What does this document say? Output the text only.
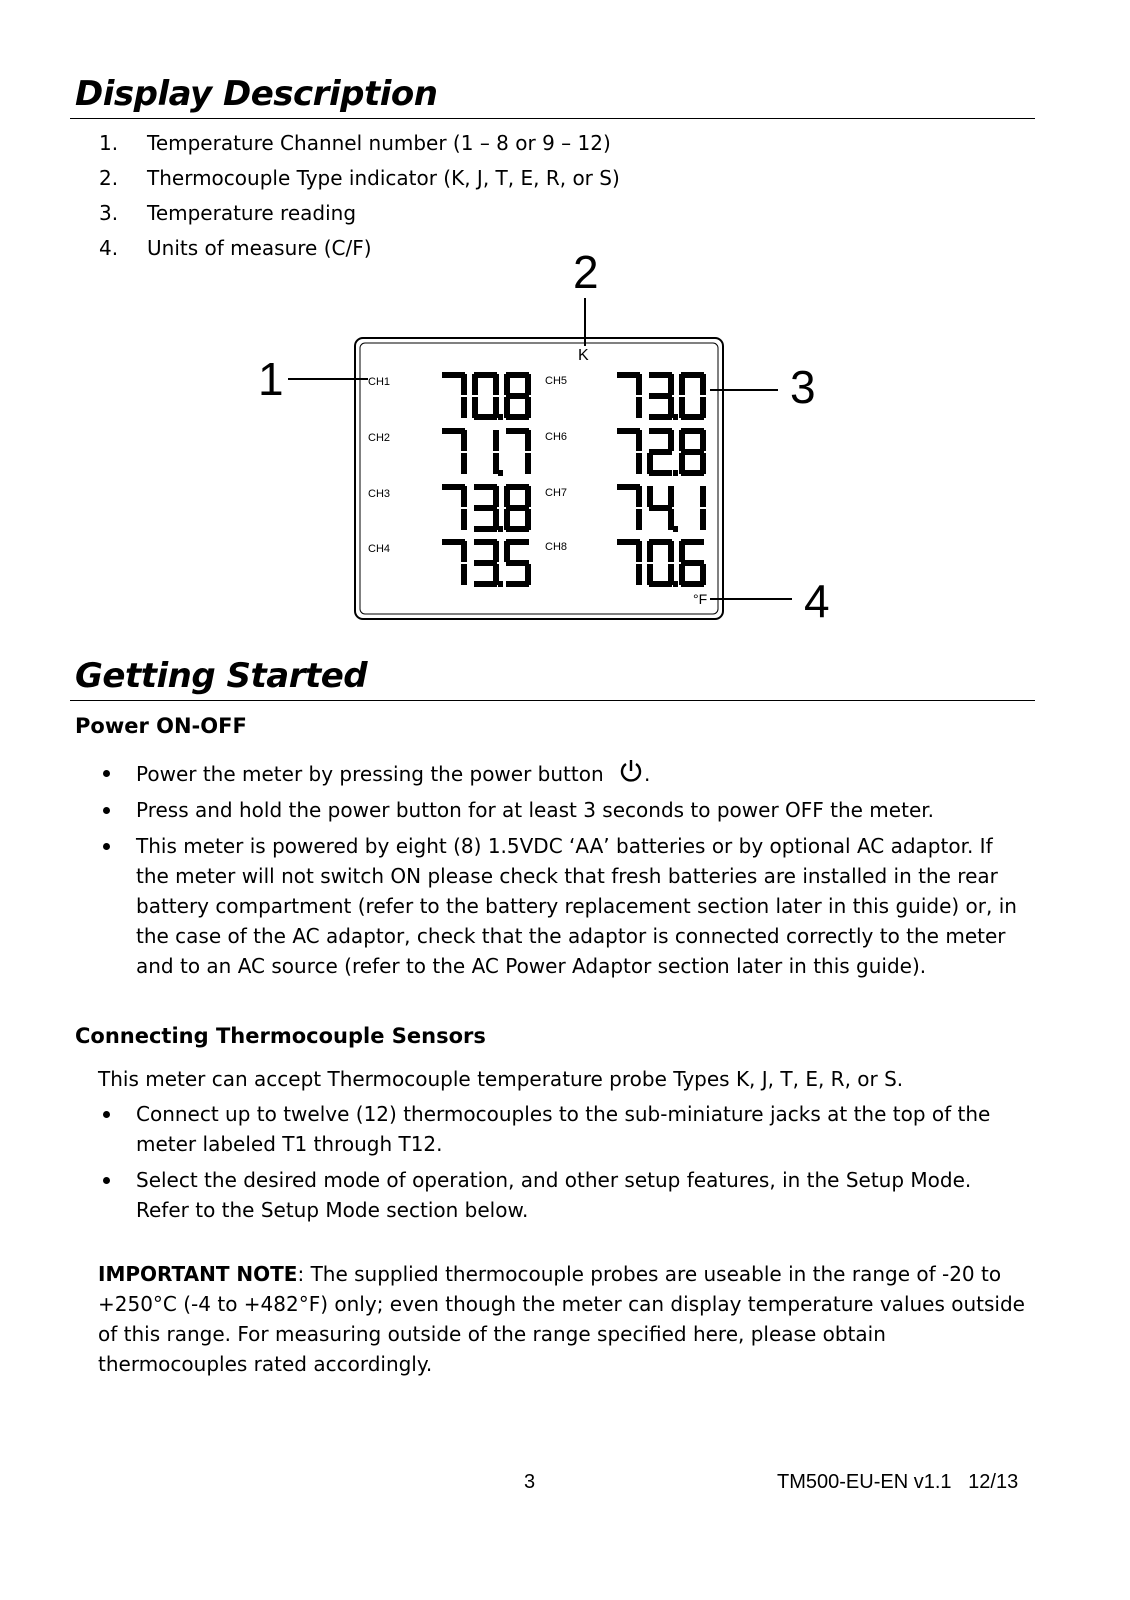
Display Description
1.	Temperature Channel number (1 – 8 or 9 – 12)
2.	Thermocouple Type indicator (K, J, T, E, R, or S)
3.	Temperature reading
4.	Units of measure (C/F)
1
2
3
4
K
°F
CH1
CH2
CH3
CH4
CH5
CH6
CH7
CH8
Getting Started
Power ON-OFF
Power the meter by pressing the power button .
Press and hold the power button for at least 3 seconds to power OFF the meter.
This meter is powered by eight (8) 1.5VDC ‘AA’ batteries or by optional AC adaptor. If the meter will not switch ON please check that fresh batteries are installed in the rear battery compartment (refer to the battery replacement section later in this guide) or, in the case of the AC adaptor, check that the adaptor is connected correctly to the meter and to an AC source (refer to the AC Power Adaptor section later in this guide).
Connecting Thermocouple Sensors

This meter can accept Thermocouple temperature probe Types K, J, T, E, R, or S.

Connect up to twelve (12) thermocouples to the sub-miniature jacks at the top of the meter labeled T1 through T12.
Select the desired mode of operation, and other setup features, in the Setup Mode. Refer to the Setup Mode section below.

IMPORTANT NOTE: The supplied thermocouple probes are useable in the range of -20 to +250°C (-4 to +482°F) only; even though the meter can display temperature values outside of this range. For measuring outside of the range specified here, please obtain thermocouples rated accordingly.

3	TM500-EU-EN v1.1   12/13
